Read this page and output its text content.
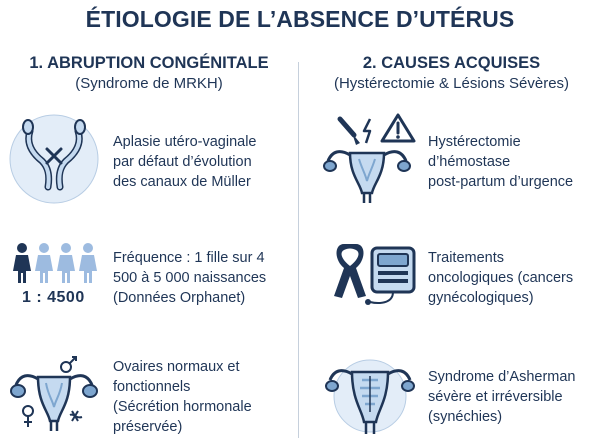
ÉTIOLOGIE DE L’ABSENCE D’UTÉRUS
1. ABRUPTION CONGÉNITALE
(Syndrome de MRKH)
2. CAUSES ACQUISES
(Hystérectomie & Lésions Sévères)
Aplasie utéro-vaginale
par défaut d’évolution
des canaux de Müller
1 : 4500
Fréquence : 1 fille sur 4
500 à 5 000 naissances
(Données Orphanet)
Ovaires normaux et
fonctionnels
(Sécrétion hormonale
préservée)
Hystérectomie
d’hémostase
post-partum d’urgence
Traitements
oncologiques (cancers
gynécologiques)
Syndrome d’Asherman
sévère et irréversible
(synéchies)
